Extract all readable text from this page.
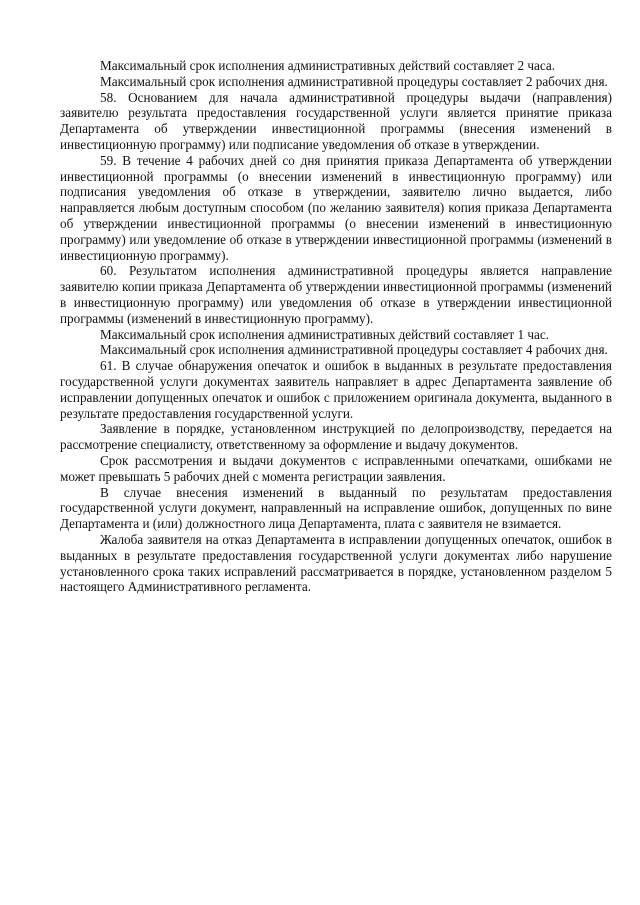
Максимальный срок исполнения административных действий составляет 2 часа.

Максимальный срок исполнения административной процедуры составляет 2 рабочих дня.

58. Основанием для начала административной процедуры выдачи (направления) заявителю результата предоставления государственной услуги является принятие приказа Департамента об утверждении инвестиционной программы (внесения изменений в инвестиционную программу) или подписание уведомления об отказе в утверждении.

59. В течение 4 рабочих дней со дня принятия приказа Департамента об утверждении инвестиционной программы (о внесении изменений в инвестиционную программу) или подписания уведомления об отказе в утверждении, заявителю лично выдается, либо направляется любым доступным способом (по желанию заявителя) копия приказа Департамента об утверждении инвестиционной программы (о внесении изменений в инвестиционную программу) или уведомление об отказе в утверждении инвестиционной программы (изменений в инвестиционную программу).

60. Результатом исполнения административной процедуры является направление заявителю копии приказа Департамента об утверждении инвестиционной программы (изменений в инвестиционную программу) или уведомления об отказе в утверждении инвестиционной программы (изменений в инвестиционную программу).

Максимальный срок исполнения административных действий составляет 1 час.

Максимальный срок исполнения административной процедуры составляет 4 рабочих дня.

61. В случае обнаружения опечаток и ошибок в выданных в результате предоставления государственной услуги документах заявитель направляет в адрес Департамента заявление об исправлении допущенных опечаток и ошибок с приложением оригинала документа, выданного в результате предоставления государственной услуги.

Заявление в порядке, установленном инструкцией по делопроизводству, передается на рассмотрение специалисту, ответственному за оформление и выдачу документов.

Срок рассмотрения и выдачи документов с исправленными опечатками, ошибками не может превышать 5 рабочих дней с момента регистрации заявления.

В случае внесения изменений в выданный по результатам предоставления государственной услуги документ, направленный на исправление ошибок, допущенных по вине Департамента и (или) должностного лица Департамента, плата с заявителя не взимается.

Жалоба заявителя на отказ Департамента в исправлении допущенных опечаток, ошибок в выданных в результате предоставления государственной услуги документах либо нарушение установленного срока таких исправлений рассматривается в порядке, установленном разделом 5 настоящего Административного регламента.
